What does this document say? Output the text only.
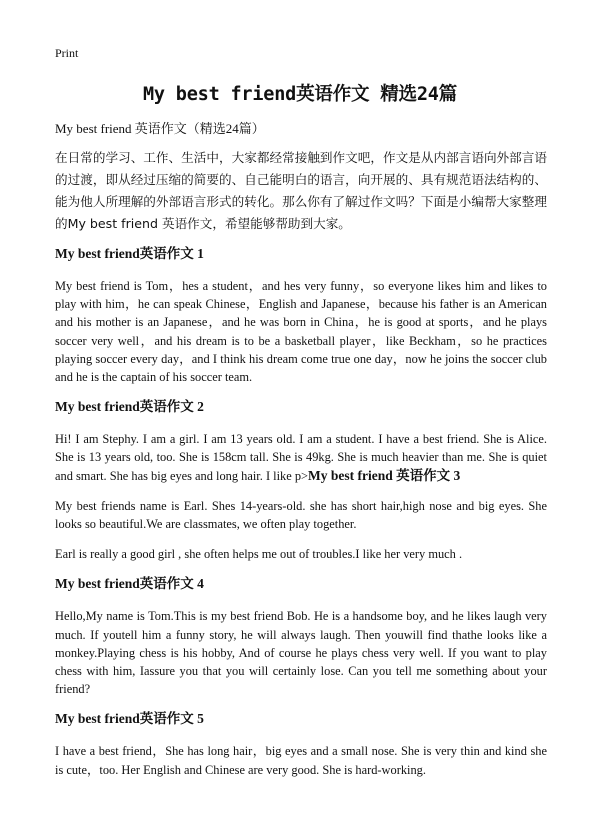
Print
My best friend英语作文 精选24篇

My best friend 英语作文（精选24篇）

在日常的学习、工作、生活中，大家都经常接触到作文吧，作文是从内部言语向外部言语的过渡，即从经过压缩的简要的、自己能明白的语言，向开展的、具有规范语法结构的、能为他人所理解的外部语言形式的转化。那么你有了解过作文吗？下面是小编帮大家整理的My best friend 英语作文，希望能够帮助到大家。

My best friend英语作文 1

My best friend is Tom，hes a student，and hes very funny，so everyone likes him and likes to play with him，he can speak Chinese，English and Japanese，because his father is an American and his mother is an Japanese，and he was born in China，he is good at sports，and he plays soccer very well，and his dream is to be a basketball player，like Beckham，so he practices playing soccer every day，and I think his dream come true one day，now he joins the soccer club and he is the captain of his soccer team.

My best friend英语作文 2

Hi! I am Stephy. I am a girl. I am 13 years old. I am a student. I have a best friend. She is Alice. She is 13 years old, too. She is 158cm tall. She is 49kg. She is much heavier than me. She is quiet and smart. She has big eyes and long hair. I like p>My best friend 英语作文 3

My best friends name is Earl. Shes 14-years-old. she has short hair,high nose and big eyes. She looks so beautiful.We are classmates, we often play together.

Earl is really a good girl , she often helps me out of troubles.I like her very much .

My best friend英语作文 4

Hello,My name is Tom.This is my best friend Bob. He is a handsome boy, and he likes laugh very much. If youtell him a funny story, he will always laugh. Then youwill find thathe looks like a monkey.Playing chess is his hobby, And of course he plays chess very well. If you want to play chess with him, Iassure you that you will certainly lose. Can you tell me something about your friend?

My best friend英语作文 5

I have a best friend，She has long hair，big eyes and a small nose. She is very thin and kind she is cute，too. Her English and Chinese are very good. She is hard-working.
